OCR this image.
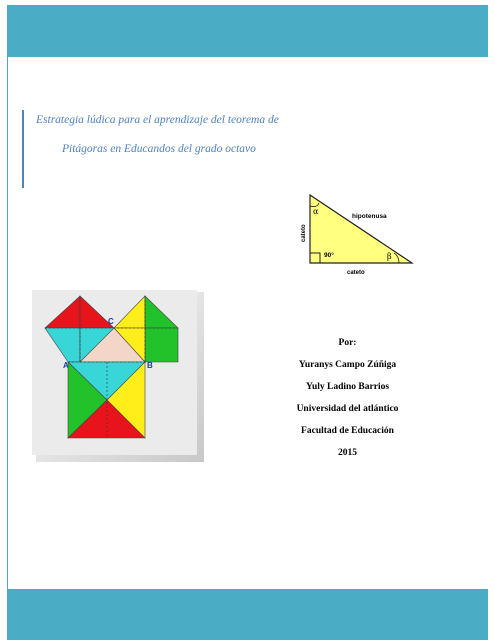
Estrategia lúdica para el aprendizaje del teorema de
Pitágoras en Educandos del grado octavo
α
β
hipotenusa
90°
cateto
cateto
A	B
C
Por:
Yuranys Campo Zúñiga
Yuly Ladino Barrios
Universidad del atlántico
Facultad de Educación
2015
